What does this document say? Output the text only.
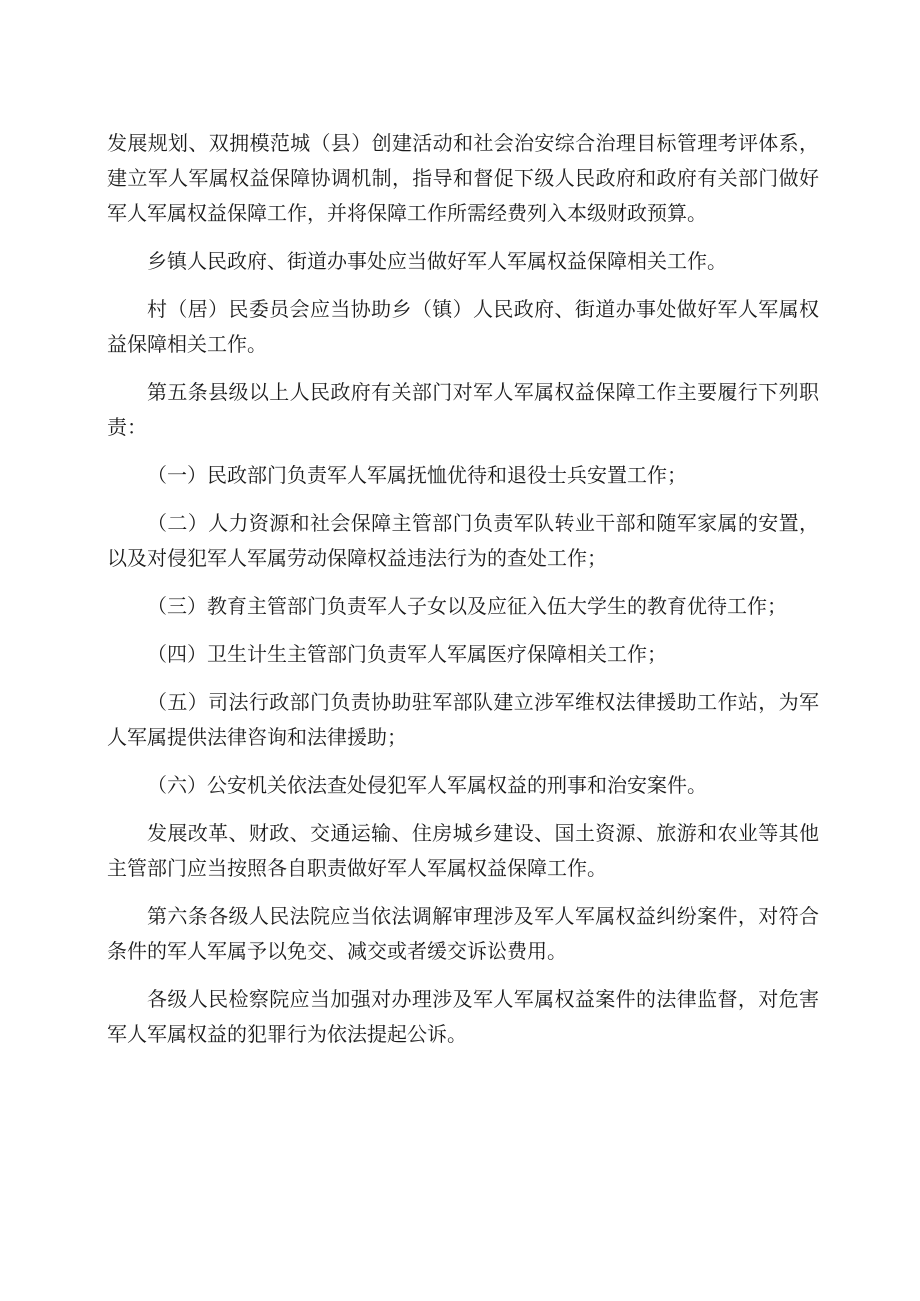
发展规划、双拥模范城（县）创建活动和社会治安综合治理目标管理考评体系，建立军人军属权益保障协调机制，指导和督促下级人民政府和政府有关部门做好军人军属权益保障工作，并将保障工作所需经费列入本级财政预算。

乡镇人民政府、街道办事处应当做好军人军属权益保障相关工作。

村（居）民委员会应当协助乡（镇）人民政府、街道办事处做好军人军属权益保障相关工作。

第五条县级以上人民政府有关部门对军人军属权益保障工作主要履行下列职责：

（一）民政部门负责军人军属抚恤优待和退役士兵安置工作；

（二）人力资源和社会保障主管部门负责军队转业干部和随军家属的安置，以及对侵犯军人军属劳动保障权益违法行为的查处工作；

（三）教育主管部门负责军人子女以及应征入伍大学生的教育优待工作；

（四）卫生计生主管部门负责军人军属医疗保障相关工作；

（五）司法行政部门负责协助驻军部队建立涉军维权法律援助工作站，为军人军属提供法律咨询和法律援助；

（六）公安机关依法查处侵犯军人军属权益的刑事和治安案件。

发展改革、财政、交通运输、住房城乡建设、国土资源、旅游和农业等其他主管部门应当按照各自职责做好军人军属权益保障工作。

第六条各级人民法院应当依法调解审理涉及军人军属权益纠纷案件，对符合条件的军人军属予以免交、减交或者缓交诉讼费用。

各级人民检察院应当加强对办理涉及军人军属权益案件的法律监督，对危害军人军属权益的犯罪行为依法提起公诉。
